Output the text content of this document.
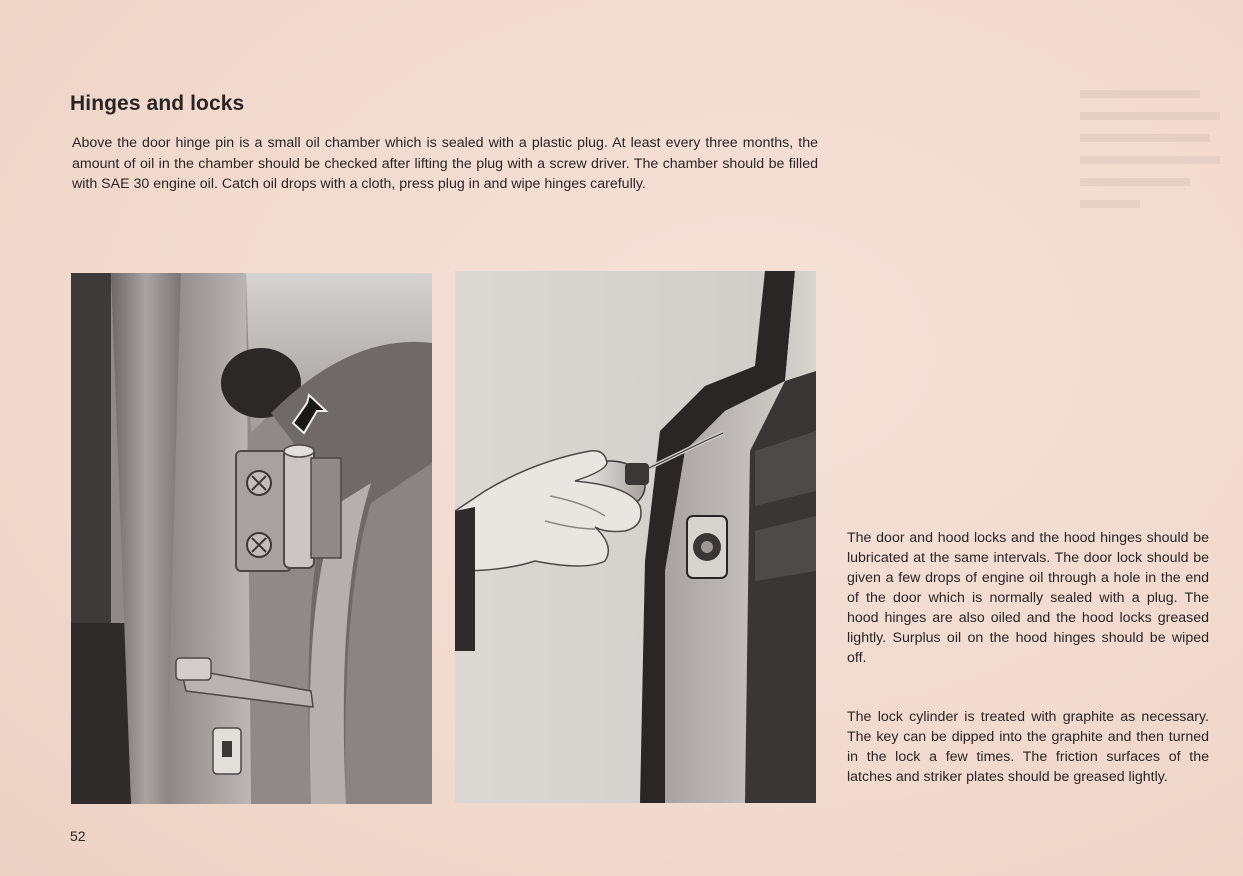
Hinges and locks

Above the door hinge pin is a small oil chamber which is sealed with a plastic plug. At least every three months, the amount of oil in the chamber should be checked after lifting the plug with a screw driver. The chamber should be filled with SAE 30 engine oil. Catch oil drops with a cloth, press plug in and wipe hinges carefully.

The door and hood locks and the hood hinges should be lubricated at the same intervals. The door lock should be given a few drops of engine oil through a hole in the end of the door which is normally sealed with a plug. The hood hinges are also oiled and the hood locks greased lightly. Surplus oil on the hood hinges should be wiped off.

The lock cylinder is treated with graphite as necessary. The key can be dipped into the graphite and then turned in the lock a few times. The friction surfaces of the latches and striker plates should be greased lightly.

52
